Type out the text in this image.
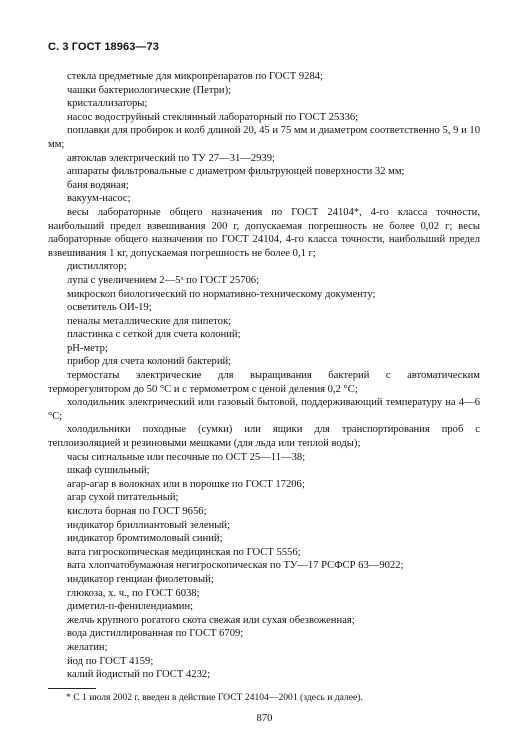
С. 3 ГОСТ 18963—73

стекла предметные для микропрепаратов по ГОСТ 9284;

чашки бактериологические (Петри);

кристаллизаторы;

насос водоструйный стеклянный лабораторный по ГОСТ 25336;

поплавки для пробирок и колб длиной 20, 45 и 75 мм и диаметром соответственно 5, 9 и 10 мм;

автоклав электрический по ТУ 27—31—2939;

аппараты фильтровальные с диаметром фильтрующей поверхности 32 мм;

баня водяная;

вакуум-насос;

весы лабораторные общего назначения по ГОСТ 24104*, 4-го класса точности, наибольший предел взвешивания 200 г, допускаемая погрешность не более 0,02 г; весы лабораторные общего назначения по ГОСТ 24104, 4-го класса точности, наибольший предел взвешивания 1 кг, допускаемая погрешность не более 0,1 г;

дистиллятор;

лупа с увеличением 2—5ˣ по ГОСТ 25706;

микроскоп биологический по нормативно-техническому документу;

осветитель ОИ-19;

пеналы металлические для пипеток;

пластинка с сеткой для счета колоний;

рН-метр;

прибор для счета колоний бактерий;

термостаты электрические для выращивания бактерий с автоматическим терморегулятором до 50 °С и с термометром с ценой деления 0,2 °С;

холодильник электрический или газовый бытовой, поддерживающий температуру на 4—6 °С;

холодильники походные (сумки) или ящики для транспортирования проб с теплоизоляцией и резиновыми мешками (для льда или теплой воды);

часы сигнальные или песочные по ОСТ 25—11—38;

шкаф сушильный;

агар-агар в волокнах или в порошке по ГОСТ 17206;

агар сухой питательный;

кислота борная по ГОСТ 9656;

индикатор бриллиантовый зеленый;

индикатор бромтимоловый синий;

вата гигроскопическая медицинская по ГОСТ 5556;

вата хлопчатобумажная негигроскопическая по ТУ—17 РСФСР 63—9022;

индикатор генциан фиолетовый;

глюкоза, х. ч., по ГОСТ 6038;

диметил-п-фенилендиамин;

желчь крупного рогатого скота свежая или сухая обезвоженная;

вода дистиллированная по ГОСТ 6709;

желатин;

йод по ГОСТ 4159;

калий йодистый по ГОСТ 4232;

* С 1 июля 2002 г. введен в действие ГОСТ 24104—2001 (здесь и далее).
870
